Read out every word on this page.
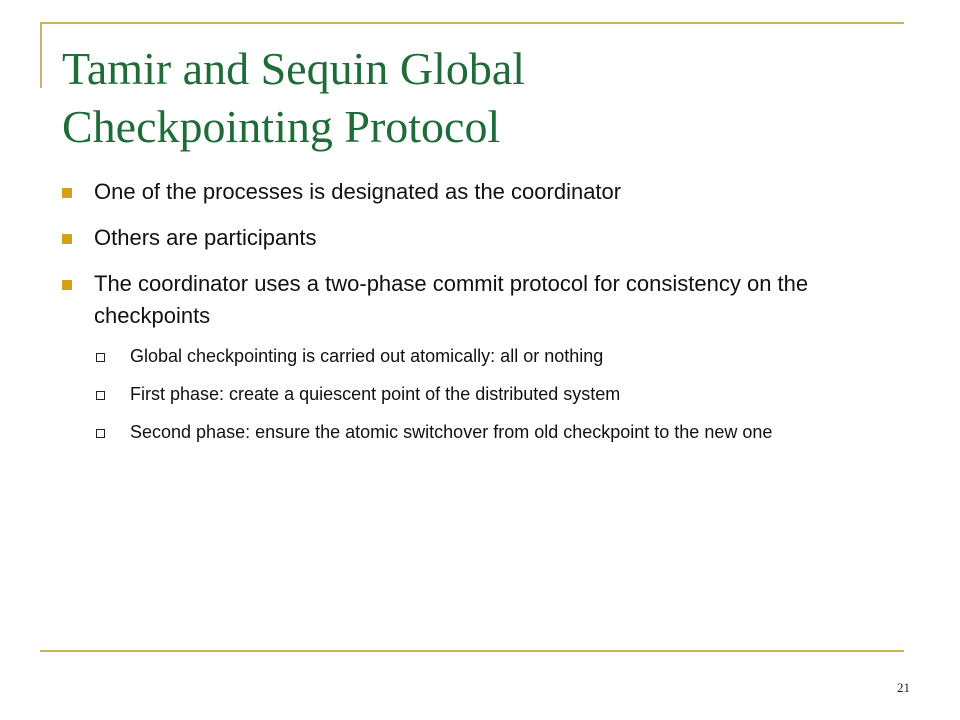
Tamir and Sequin Global
Checkpointing Protocol
One of the processes is designated as the coordinator
Others are participants
The coordinator uses a two-phase commit protocol for consistency on the checkpoints
Global checkpointing is carried out atomically: all or nothing
First phase: create a quiescent point of the distributed system
Second phase: ensure the atomic switchover from old checkpoint to the new one
21
